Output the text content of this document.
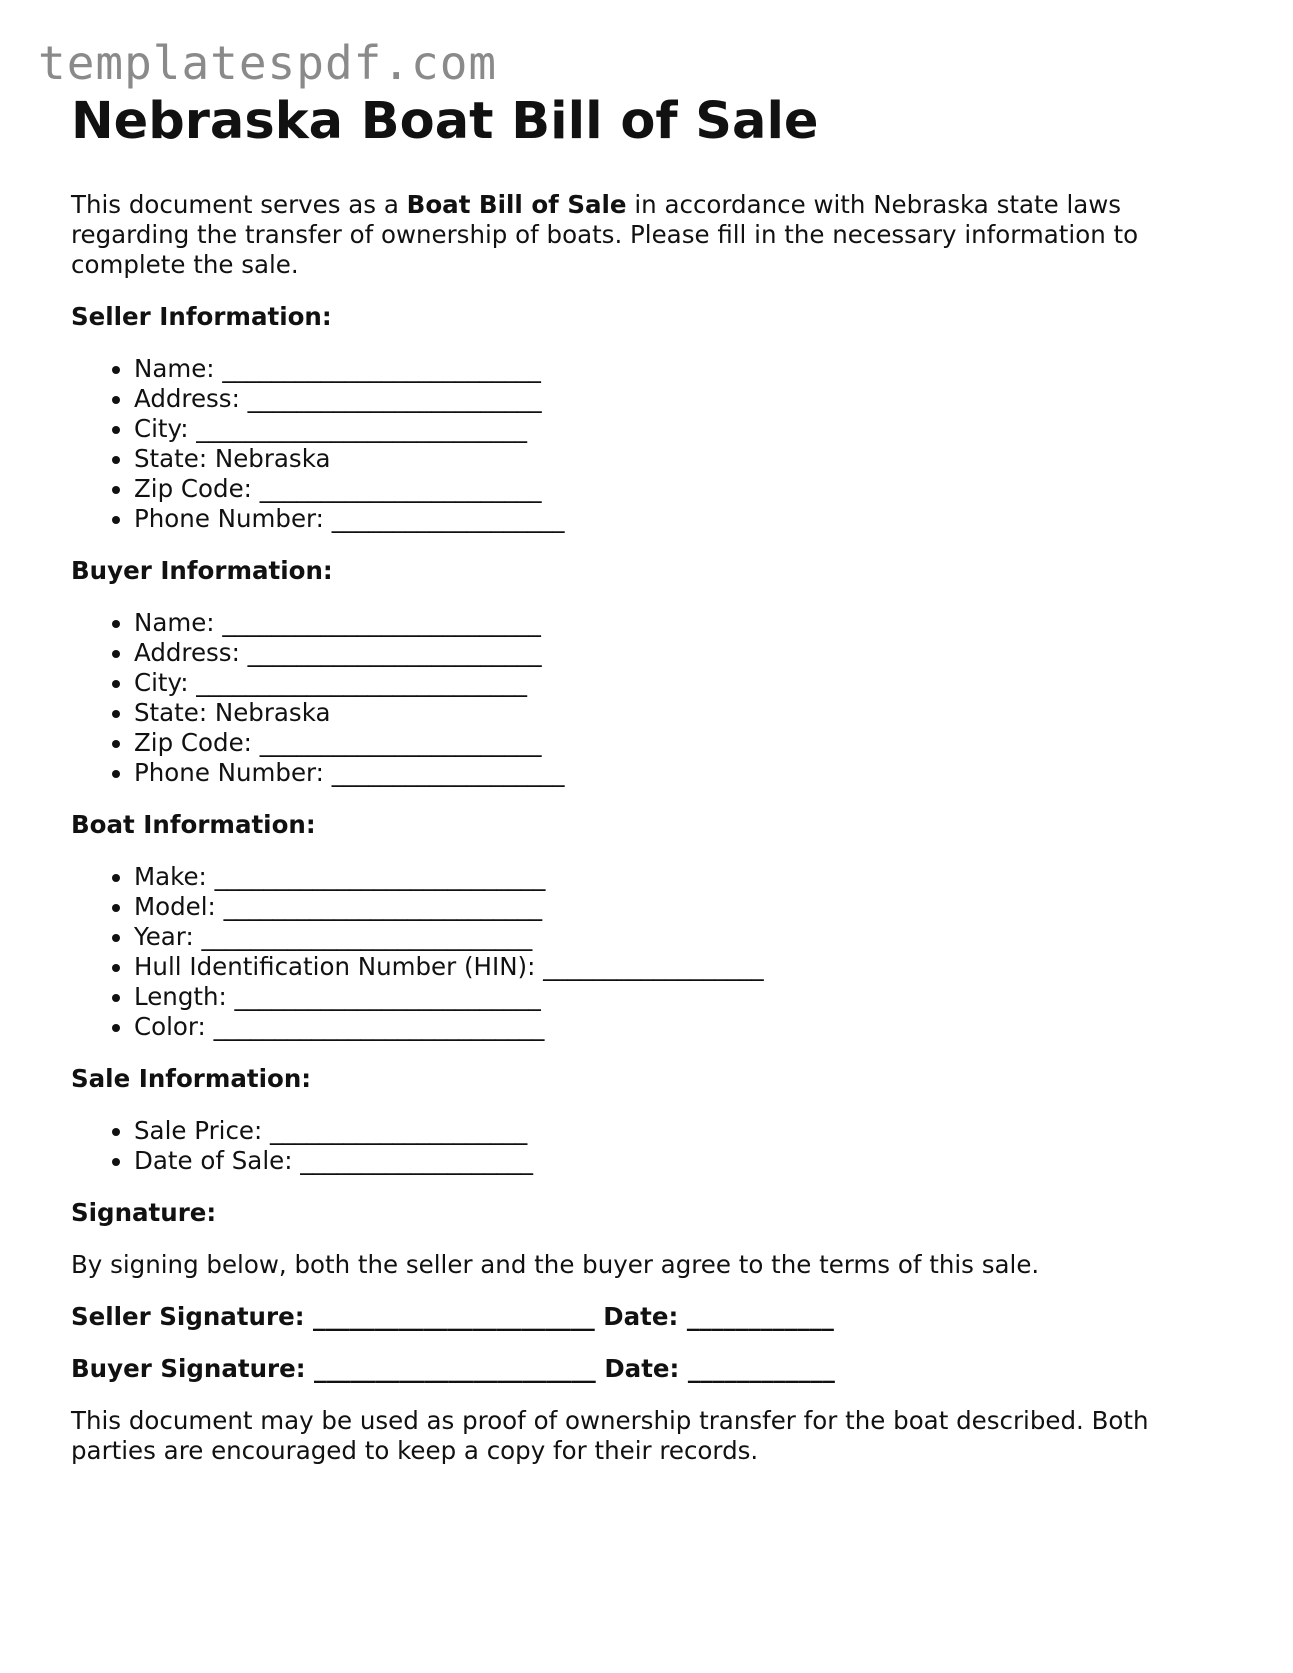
templatespdf.com
Nebraska Boat Bill of Sale

This document serves as a Boat Bill of Sale in accordance with Nebraska state laws regarding the transfer of ownership of boats. Please fill in the necessary information to complete the sale.

Seller Information:

• Name: __________________________
• Address: ________________________
• City: ___________________________
• State: Nebraska
• Zip Code: _______________________
• Phone Number: ___________________

Buyer Information:

• Name: __________________________
• Address: ________________________
• City: ___________________________
• State: Nebraska
• Zip Code: _______________________
• Phone Number: ___________________

Boat Information:

• Make: ___________________________
• Model: __________________________
• Year: ___________________________
• Hull Identification Number (HIN): __________________
• Length: _________________________
• Color: ___________________________

Sale Information:

• Sale Price: _____________________
• Date of Sale: ___________________

Signature:

By signing below, both the seller and the buyer agree to the terms of this sale.

Seller Signature: _______________________ Date: ____________

Buyer Signature: _______________________ Date: ____________

This document may be used as proof of ownership transfer for the boat described. Both parties are encouraged to keep a copy for their records.
